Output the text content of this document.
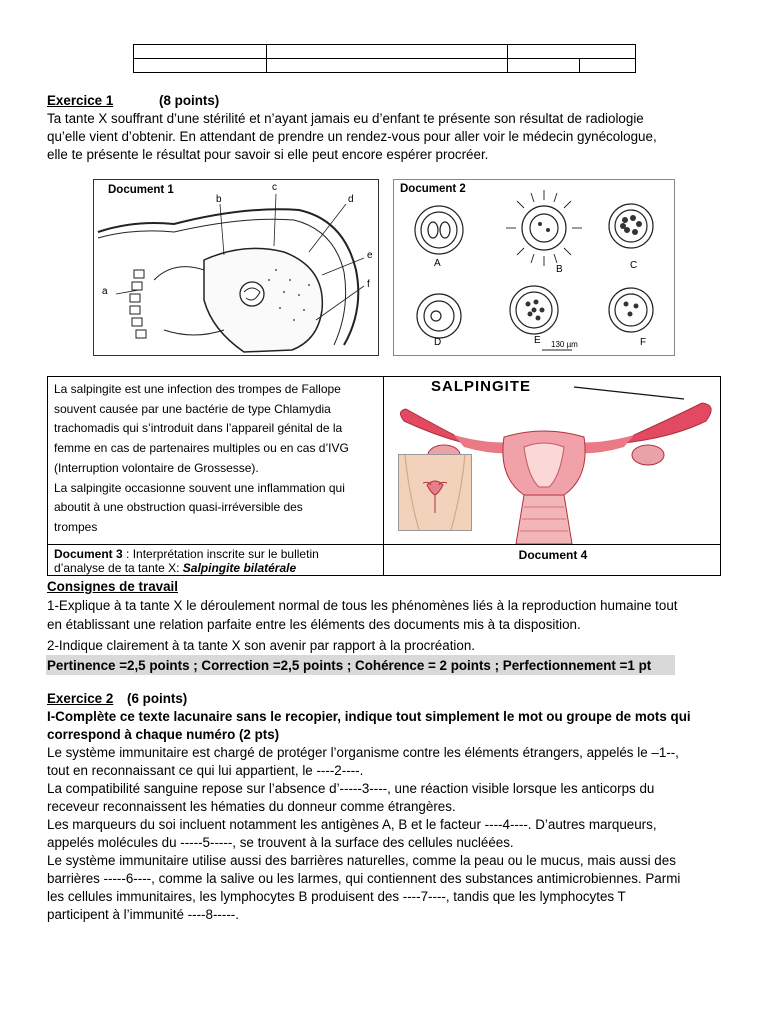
Exercice 1	(8 points)
Ta tante X souffrant d’une stérilité et n’ayant jamais eu d’enfant te présente son résultat de radiologie
qu’elle vient d’obtenir. En attendant de prendre un rendez-vous pour aller voir le médecin gynécologue,
elle te présente le résultat pour savoir si elle peut encore espérer procréer.
Document 1
a
b
c
d
e
f
Document 2
A
B	C
D	E	F
130 µm
La salpingite est une infection des trompes de Fallope
souvent causée par une bactérie de type Chlamydia
trachomadis qui s’introduit dans l’appareil génital de la
femme en cas de partenaires multiples ou en cas d’IVG
(Interruption volontaire de Grossesse).
La salpingite occasionne souvent une inflammation qui
aboutit à une obstruction quasi-irréversible des
trompes
SALPINGITE
Document 3 : Interprétation inscrite sur le bulletin
d’analyse de ta tante X: Salpingite bilatérale
Document 4
Consignes de travail
1-Explique à ta tante X le déroulement normal de tous les phénomènes liés à la reproduction humaine tout
en établissant une relation parfaite entre les éléments des documents mis à ta disposition.
2-Indique clairement à ta tante X son avenir par rapport à la procréation.
Pertinence =2,5 points ; Correction =2,5 points ; Cohérence = 2 points ; Perfectionnement =1 pt
Exercice 2 (6 points)
I-Complète ce texte lacunaire sans le recopier, indique tout simplement le mot ou groupe de mots qui
correspond à chaque numéro (2 pts)
Le système immunitaire est chargé de protéger l’organisme contre les éléments étrangers, appelés le –1--,
tout en reconnaissant ce qui lui appartient, le ----2----.
La compatibilité sanguine repose sur l’absence d’-----3----, une réaction visible lorsque les anticorps du
receveur reconnaissent les hématies du donneur comme étrangères.
Les marqueurs du soi incluent notamment les antigènes A, B et le facteur ----4----. D’autres marqueurs,
appelés molécules du -----5-----, se trouvent à la surface des cellules nucléées.
Le système immunitaire utilise aussi des barrières naturelles, comme la peau ou le mucus, mais aussi des
barrières -----6----, comme la salive ou les larmes, qui contiennent des substances antimicrobiennes. Parmi
les cellules immunitaires, les lymphocytes B produisent des ----7----, tandis que les lymphocytes T
participent à l’immunité ----8-----.
